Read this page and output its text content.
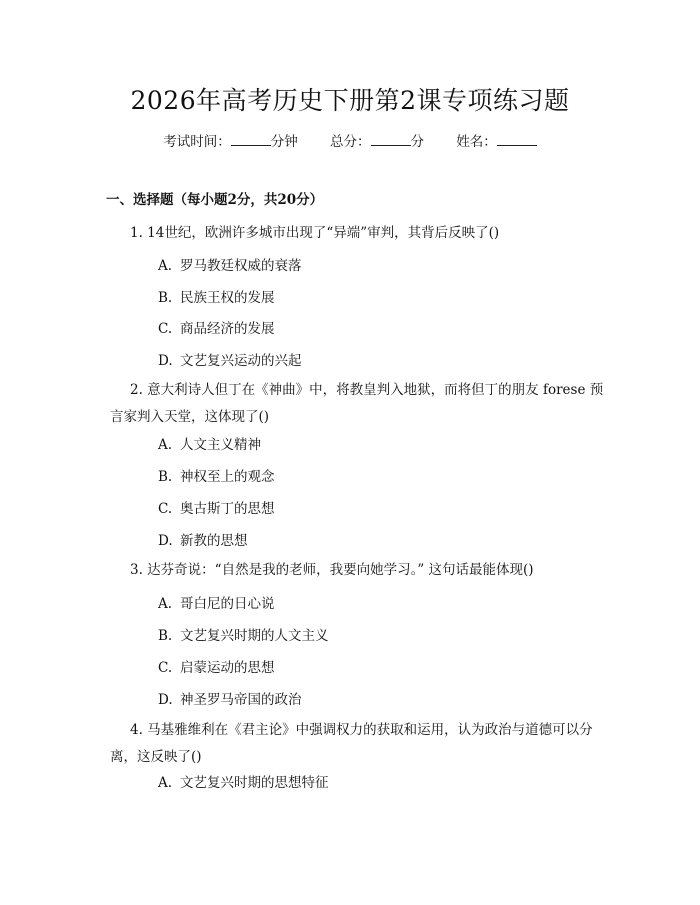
2026年高考历史下册第2课专项练习题
考试时间：	分钟 总分：	分 姓名：
一、选择题（每小题2分，共20分）
1. 14世纪，欧洲许多城市出现了“异端”审判，其背后反映了()
A. 罗马教廷权威的衰落
B. 民族王权的发展
C. 商品经济的发展
D. 文艺复兴运动的兴起
2. 意大利诗人但丁在《神曲》中，将教皇判入地狱，而将但丁的朋友 forese 预言家判入天堂，这体现了()
A. 人文主义精神
B. 神权至上的观念
C. 奥古斯丁的思想
D. 新教的思想
3. 达芬奇说：“自然是我的老师，我要向她学习。” 这句话最能体现()
A. 哥白尼的日心说
B. 文艺复兴时期的人文主义
C. 启蒙运动的思想
D. 神圣罗马帝国的政治
4. 马基雅维利在《君主论》中强调权力的获取和运用，认为政治与道德可以分离，这反映了()
A. 文艺复兴时期的思想特征
